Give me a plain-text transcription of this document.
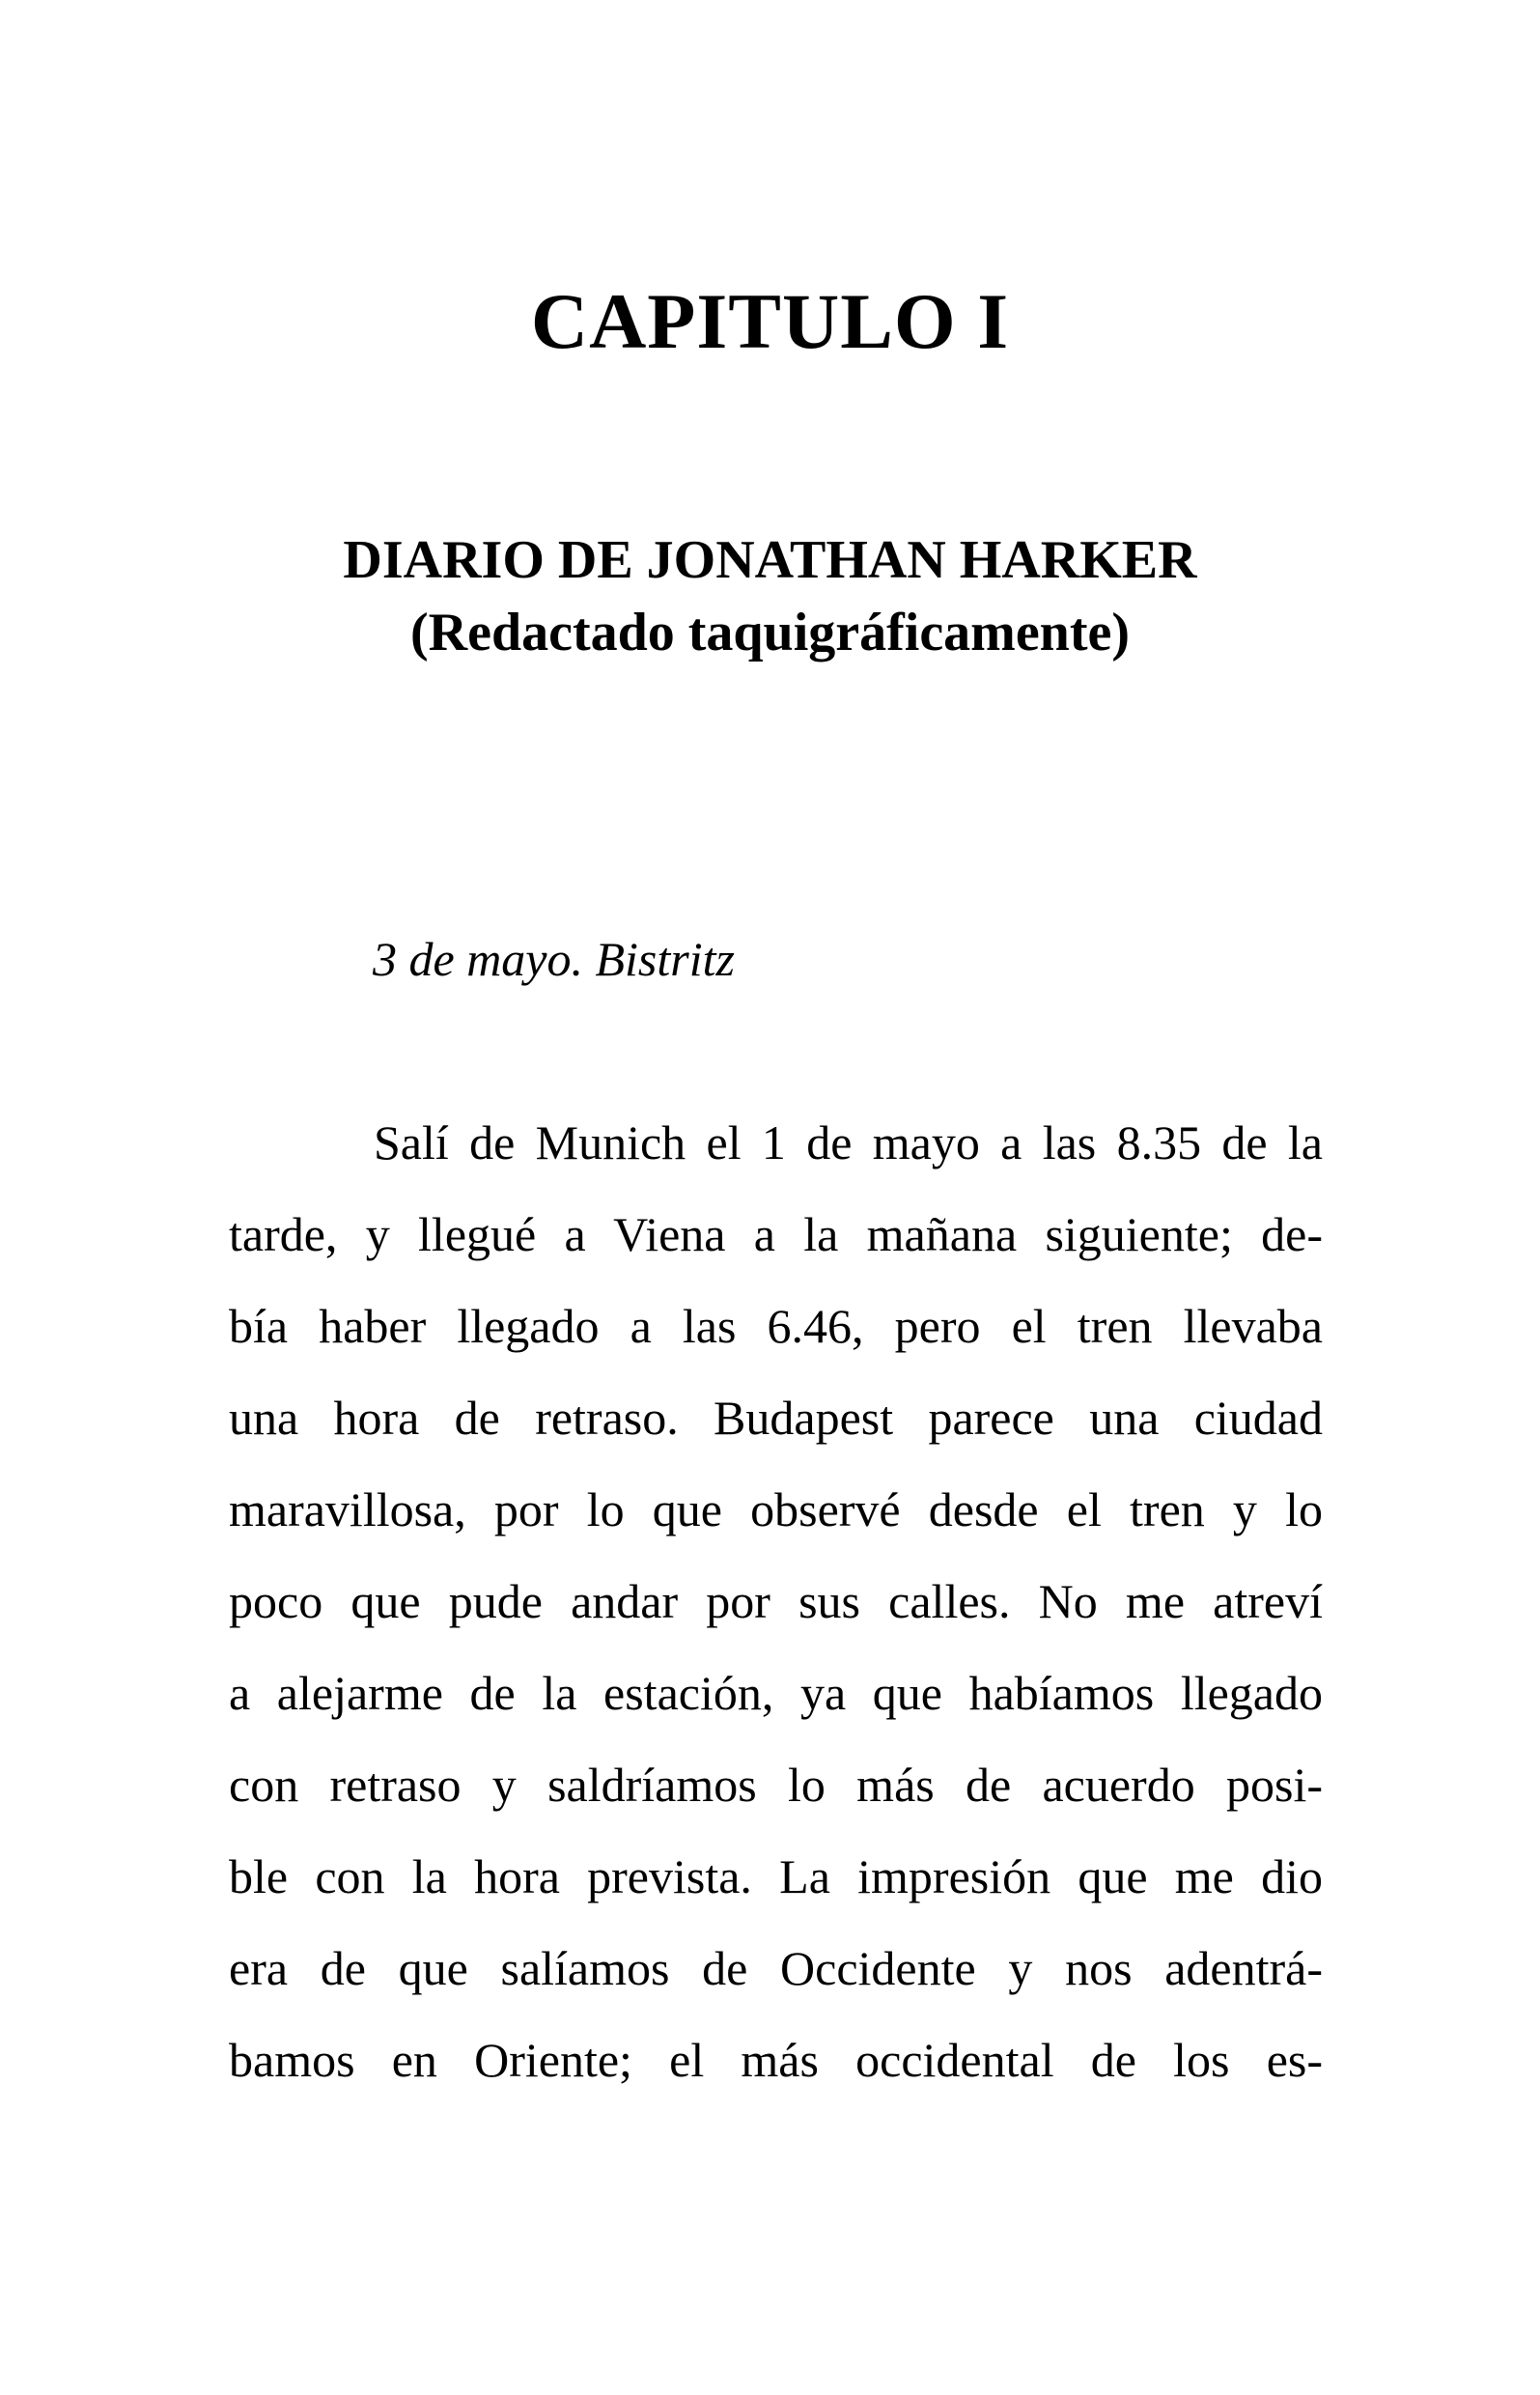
CAPITULO I
DIARIO DE JONATHAN HARKER
(Redactado taquigráficamente)
3 de mayo. Bistritz
Salí de Munich el 1 de mayo a las 8.35 de la
tarde, y llegué a Viena a la mañana siguiente; de-
bía haber llegado a las 6.46, pero el tren llevaba
una hora de retraso. Budapest parece una ciudad
maravillosa, por lo que observé desde el tren y lo
poco que pude andar por sus calles. No me atreví
a alejarme de la estación, ya que habíamos llegado
con retraso y saldríamos lo más de acuerdo posi-
ble con la hora prevista. La impresión que me dio
era de que salíamos de Occidente y nos adentrá-
bamos en Oriente; el más occidental de los es-
